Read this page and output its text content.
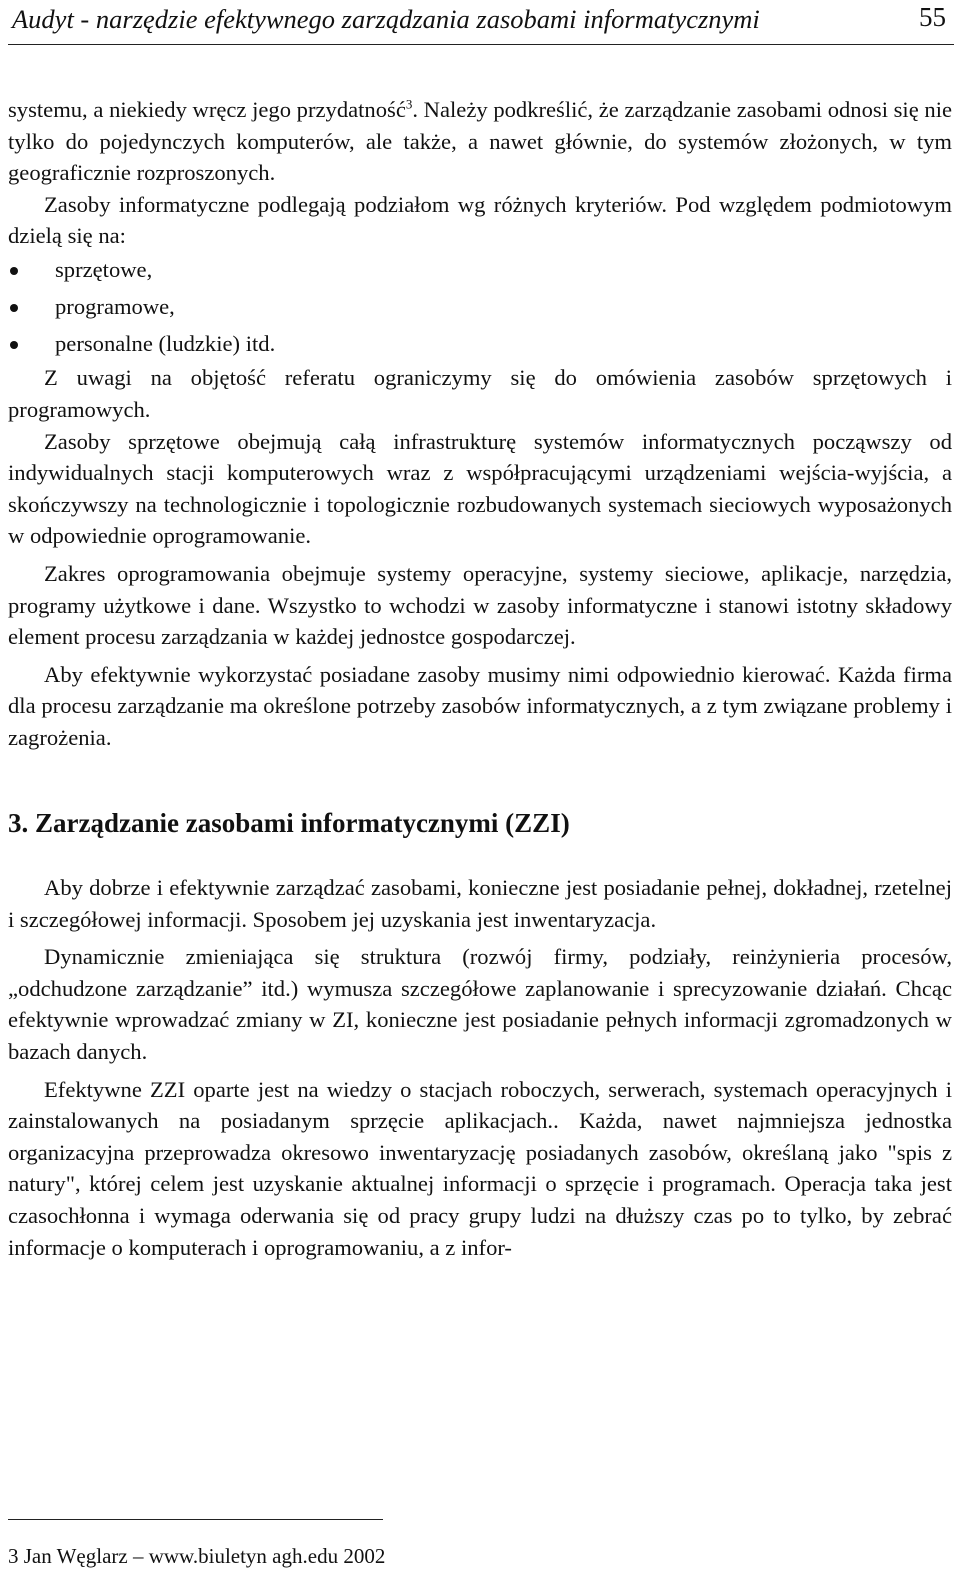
Audyt - narzędzie efektywnego zarządzania zasobami informatycznymi	55

systemu, a niekiedy wręcz jego przydatność$^3$. Należy podkreślić, że zarządzanie zasobami odnosi się nie tylko do pojedynczych komputerów, ale także, a nawet głównie, do systemów złożonych, w tym geograficznie rozproszonych.

Zasoby informatyczne podlegają podziałom wg różnych kryteriów. Pod względem podmiotowym dzielą się na:

sprzętowe,
programowe,
personalne (ludzkie) itd.

Z uwagi na objętość referatu ograniczymy się do omówienia zasobów sprzętowych i programowych.

Zasoby sprzętowe obejmują całą infrastrukturę systemów informatycznych począwszy od indywidualnych stacji komputerowych wraz z współpracującymi urządzeniami wejścia-wyjścia, a skończywszy na technologicznie i topologicznie rozbudowanych systemach sieciowych wyposażonych w odpowiednie oprogramowanie.

Zakres oprogramowania obejmuje systemy operacyjne, systemy sieciowe, aplikacje, narzędzia, programy użytkowe i dane. Wszystko to wchodzi w zasoby informatyczne i stanowi istotny składowy element procesu zarządzania w każdej jednostce gospodarczej.

Aby efektywnie wykorzystać posiadane zasoby musimy nimi odpowiednio kierować. Każda firma dla procesu zarządzanie ma określone potrzeby zasobów informatycznych, a z tym związane problemy i zagrożenia.

3. Zarządzanie zasobami informatycznymi (ZZI)

Aby dobrze i efektywnie zarządzać zasobami, konieczne jest posiadanie pełnej, dokładnej, rzetelnej i szczegółowej informacji. Sposobem jej uzyskania jest inwentaryzacja.

Dynamicznie zmieniająca się struktura (rozwój firmy, podziały, reinżynieria procesów, „odchudzone zarządzanie” itd.) wymusza szczegółowe zaplanowanie i sprecyzowanie działań. Chcąc efektywnie wprowadzać zmiany w ZI, konieczne jest posiadanie pełnych informacji zgromadzonych w bazach danych.

Efektywne ZZI oparte jest na wiedzy o stacjach roboczych, serwerach, systemach operacyjnych i zainstalowanych na posiadanym sprzęcie aplikacjach.. Każda, nawet najmniejsza jednostka organizacyjna przeprowadza okresowo inwentaryzację posiadanych zasobów, określaną jako "spis z natury", której celem jest uzyskanie aktualnej informacji o sprzęcie i programach. Operacja taka jest czasochłonna i wymaga oderwania się od pracy grupy ludzi na dłuższy czas po to tylko, by zebrać informacje o komputerach i oprogramowaniu, a z infor-

3 Jan Węglarz – www.biuletyn agh.edu 2002
